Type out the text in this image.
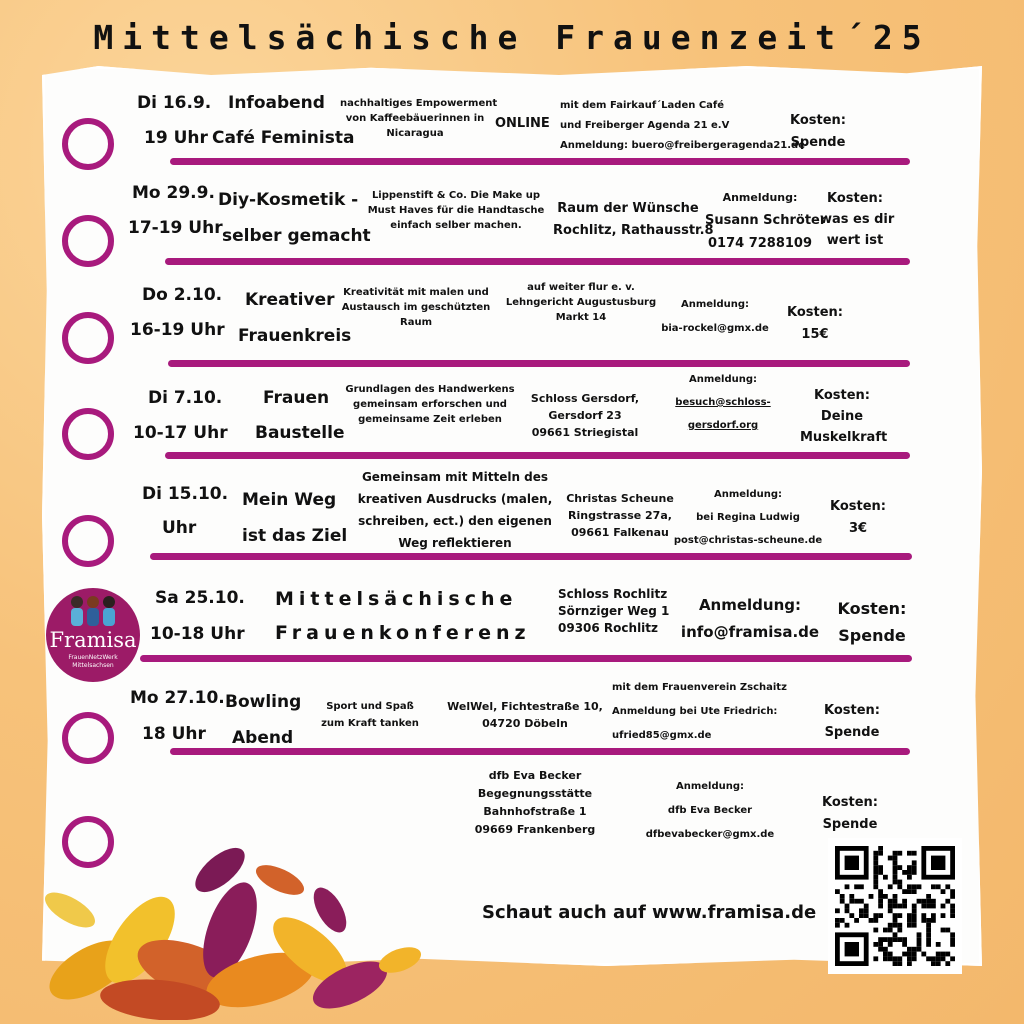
Mittelsächische Frauenzeit´25
Di 16.9.
19 Uhr
Infoabend
Café Feminista
nachhaltiges Empowerment
von Kaffeebäuerinnen in
Nicaragua
ONLINE
mit dem Fairkauf´Laden Café
und Freiberger Agenda 21 e.V
Anmeldung: buero@freibergeragenda21.de
Kosten:
Spende
Mo 29.9.
17-19 Uhr
Diy-Kosmetik -
selber gemacht
Lippenstift & Co. Die Make up
Must Haves für die Handtasche
einfach selber machen.
Raum der Wünsche
Rochlitz, Rathausstr.8
Anmeldung:
Susann Schröter
0174 7288109
Kosten:
was es dir
wert ist
Do 2.10.
16-19 Uhr
Kreativer
Frauenkreis
Kreativität mit malen und
Austausch im geschützten
Raum
auf weiter flur e. v.
Lehngericht Augustusburg
Markt 14
Anmeldung:
bia-rockel@gmx.de
Kosten:
15€
Di 7.10.
10-17 Uhr
Frauen
Baustelle
Grundlagen des Handwerkens
gemeinsam erforschen und
gemeinsame Zeit erleben
Schloss Gersdorf,
Gersdorf 23
09661 Striegistal
Anmeldung:
besuch@schloss-
gersdorf.org
Kosten:
Deine
Muskelkraft
Di 15.10.
Uhr
Mein Weg
ist das Ziel
Gemeinsam mit Mitteln des
kreativen Ausdrucks (malen,
schreiben, ect.) den eigenen
Weg reflektieren
Christas Scheune
Ringstrasse 27a,
09661 Falkenau
Anmeldung:
bei Regina Ludwig
post@christas-scheune.de
Kosten:
3€
Framisa
FrauenNetzWerk
Mittelsachsen
Sa 25.10.
10-18 Uhr
Mittelsächische
Frauenkonferenz
Schloss Rochlitz
Sörnziger Weg 1
09306 Rochlitz
Anmeldung:
info@framisa.de
Kosten:
Spende
Mo 27.10.
18 Uhr
Bowling
Abend
Sport und Spaß
zum Kraft tanken
WelWel, Fichtestraße 10,
04720 Döbeln
mit dem Frauenverein Zschaitz
Anmeldung bei Ute Friedrich:
ufried85@gmx.de
Kosten:
Spende
dfb Eva Becker
Begegnungsstätte
Bahnhofstraße 1
09669 Frankenberg
Anmeldung:
dfb Eva Becker
dfbevabecker@gmx.de
Kosten:
Spende
Schaut auch auf www.framisa.de
